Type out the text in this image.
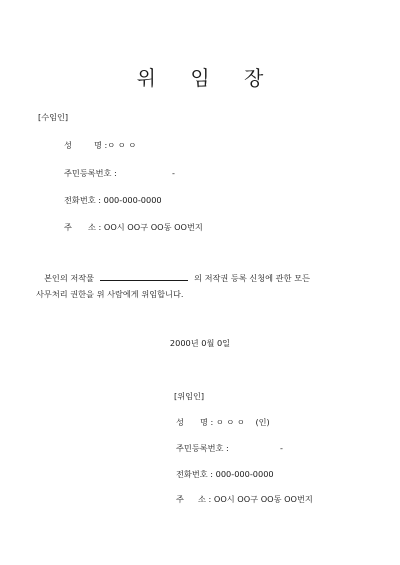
위 임 장
[수임인]
성	명 :ㅇ ㅇ ㅇ
주민등록번호 :	-
전화번호 : 000-000-0000
주 소 : OO시 OO구 OO동 OO번지
본인의 저작물	의 저작권 등록 신청에 관한 모든
사무처리 권한을 위 사람에게 위임합니다.
2000년 0월 0일
[위임인]
성 명 : ㅇ ㅇ ㅇ (인)
주민등록번호 :	-
전화번호 : 000-000-0000
주 소 : OO시 OO구 OO동 OO번지
